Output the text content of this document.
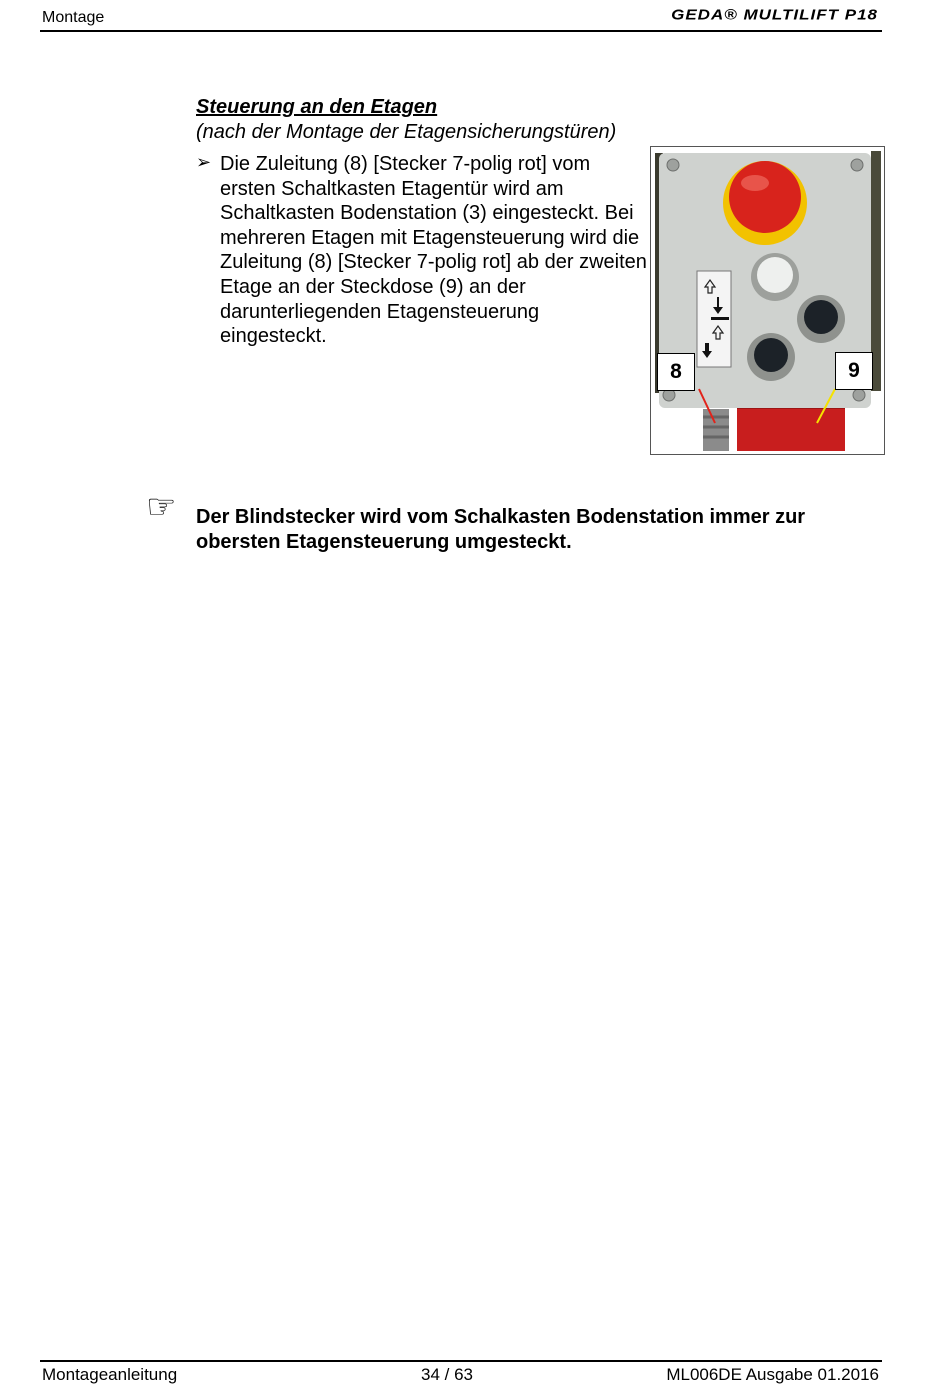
Montage	GEDA® MULTILIFT P18
Steuerung an den Etagen
(nach der Montage der Etagensicherungstüren)
➢ Die Zuleitung (8) [Stecker 7-polig rot] vom ersten Schaltkasten Etagentür wird am Schaltkasten Bodenstation (3) eingesteckt. Bei mehreren Etagen mit Etagensteuerung wird die Zuleitung (8) [Stecker 7-polig rot] ab der zweiten Etage an der Steckdose (9) an der darunterliegenden Etagensteuerung eingesteckt.
8	9
☞ Der Blindstecker wird vom Schalkasten Bodenstation immer zur obersten Etagensteuerung umgesteckt.
Montageanleitung	34 / 63	ML006DE Ausgabe 01.2016
